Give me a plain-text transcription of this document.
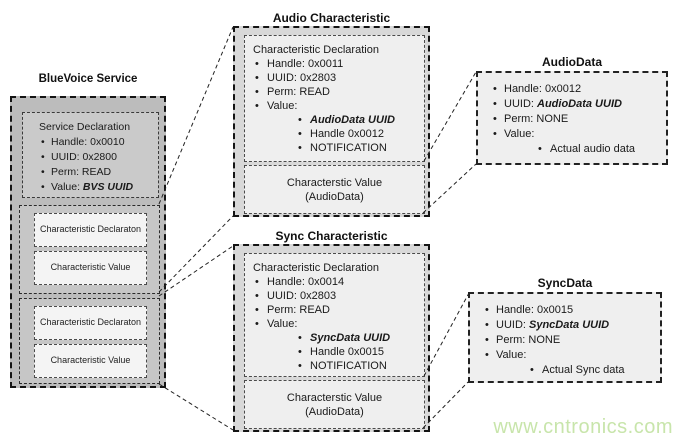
BlueVoice Service
Service Declaration
• Handle: 0x0010
• UUID: 0x2800
• Perm: READ
• Value: BVS UUID
Characteristic Declaraton
Characteristic Value
Characteristic Declaraton
Characteristic Value
Audio Characteristic
Characteristic Declaration
• Handle: 0x0011
• UUID: 0x2803
• Perm: READ
• Value:
• AudioData UUID
• Handle 0x0012
• NOTIFICATION
Characterstic Value
(AudioData)
Sync Characteristic
Characteristic Declaration
• Handle: 0x0014
• UUID: 0x2803
• Perm: READ
• Value:
• SyncData UUID
• Handle 0x0015
• NOTIFICATION
Characterstic Value
(AudioData)
AudioData
• Handle: 0x0012
• UUID: AudioData UUID
• Perm: NONE
• Value:
• Actual audio data
SyncData
• Handle: 0x0015
• UUID: SyncData UUID
• Perm: NONE
• Value:
• Actual Sync data
www.cntronics.com
